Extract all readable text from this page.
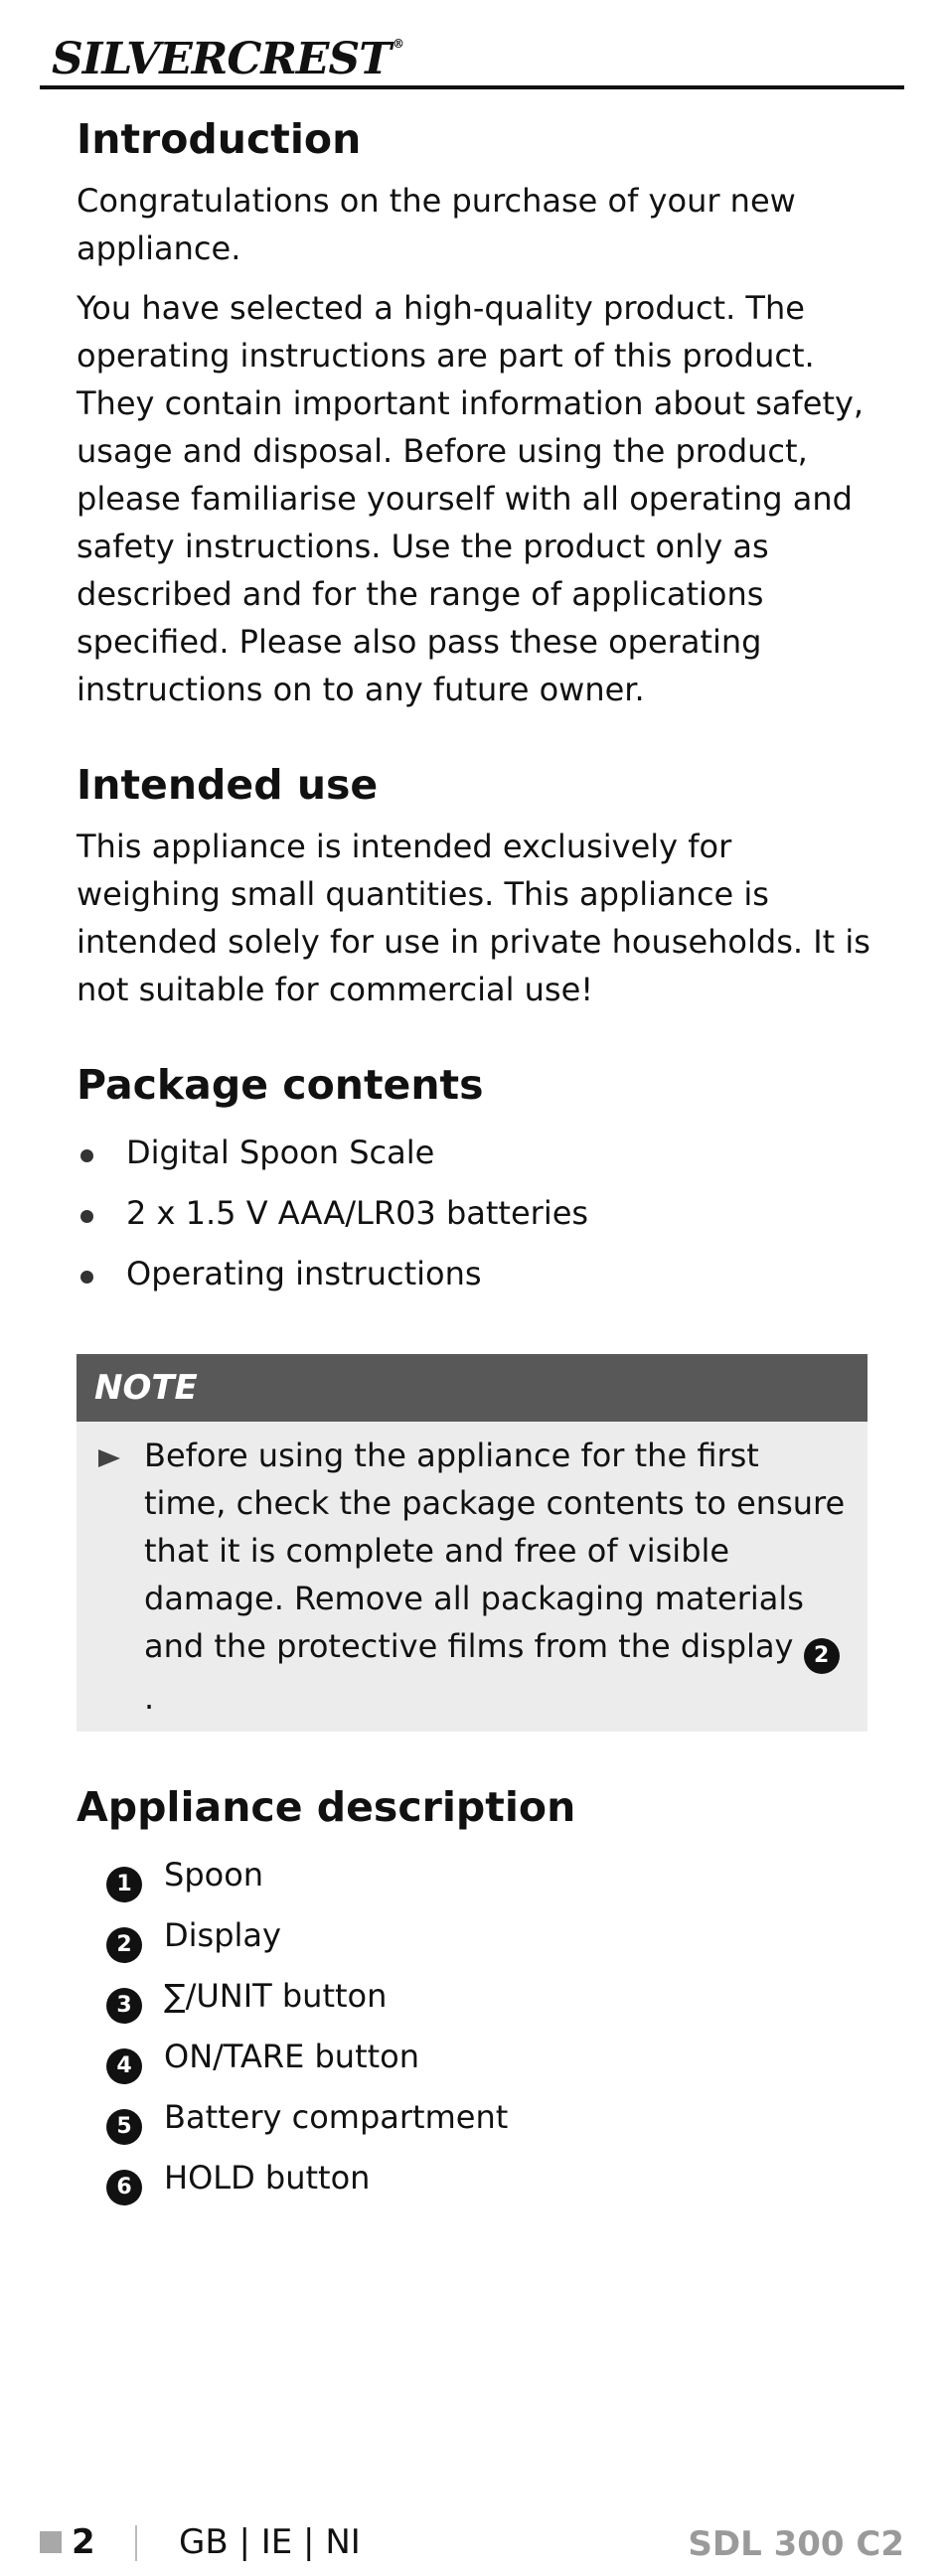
SILVERCREST ®
Introduction

Congratulations on the purchase of your new appliance.

You have selected a high-quality product. The operating instructions are part of this product. They contain important information about safety, usage and disposal. Before using the product, please familiarise yourself with all operating and safety instructions. Use the product only as described and for the range of applications specified. Please also pass these operating instructions on to any future owner.

Intended use

This appliance is intended exclusively for weighing small quantities. This appliance is intended solely for use in private households. It is not suitable for commercial use!

Package contents
Digital Spoon Scale
2 x 1.5 V AAA/LR03 batteries
Operating instructions
NOTE

Before using the appliance for the first time, check the package contents to ensure that it is complete and free of visible damage. Remove all packaging materials and the protective films from the display 2.

Appliance description
1 Spoon
2 Display
3 ∑/UNIT button
4 ON/TARE button
5 Battery compartment
6 HOLD button
2 GB | IE | NI	SDL 300 C2
